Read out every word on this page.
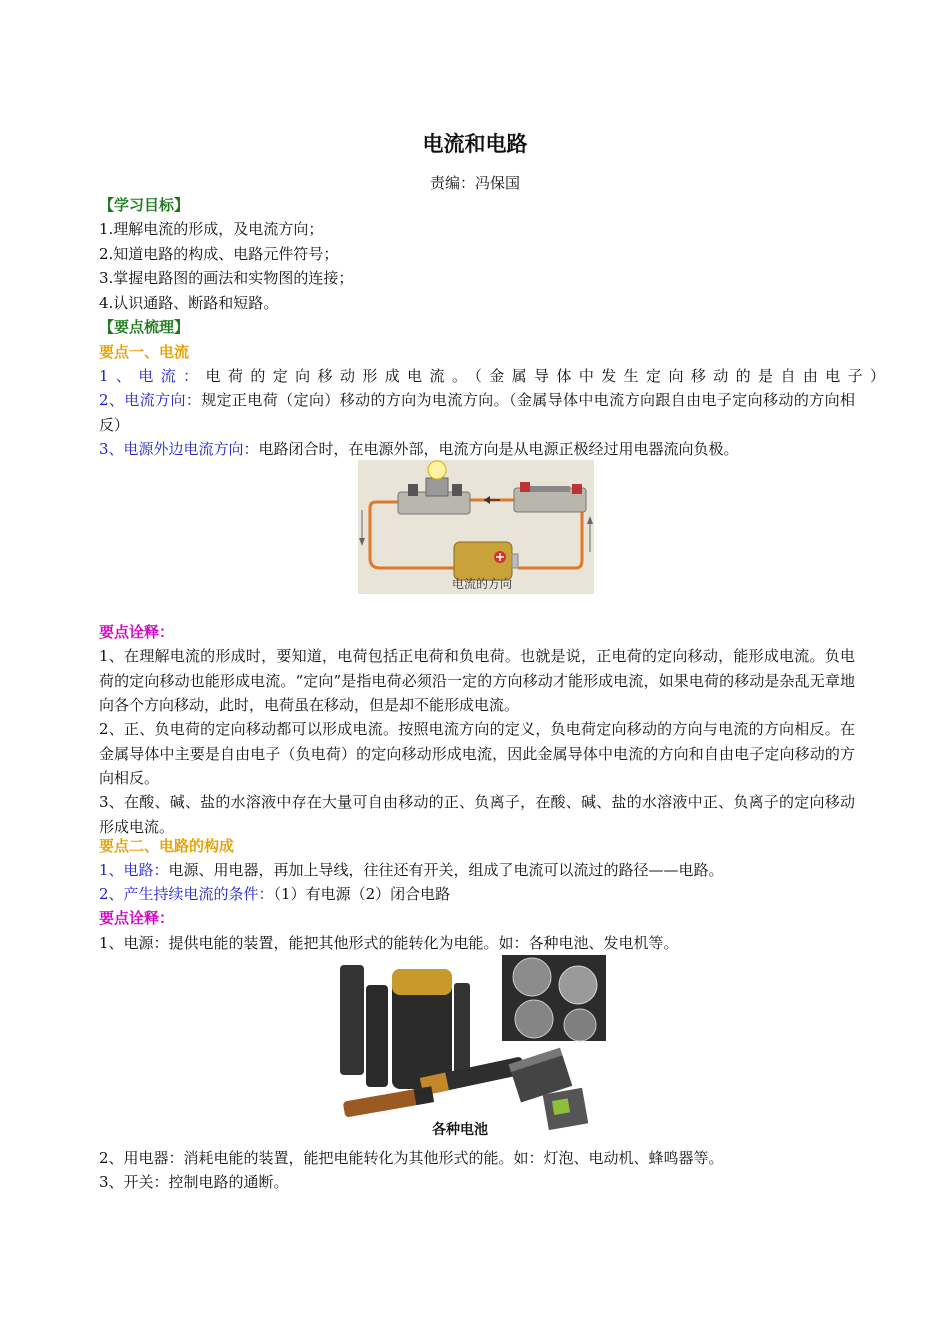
电流和电路
责编：冯保国
【学习目标】
1.理解电流的形成，及电流方向；
2.知道电路的构成、电路元件符号；
3.掌握电路图的画法和实物图的连接；
4.认识通路、断路和短路。
【要点梳理】
要点一、电流
1、电流：电荷的定向移动形成电流。（金属导体中发生定向移动的是自由电子）
2、电流方向：规定正电荷（定向）移动的方向为电流方向。（金属导体中电流方向跟自由电子定向移动的方向相反）
3、电源外边电流方向：电路闭合时，在电源外部，电流方向是从电源正极经过用电器流向负极。
电流的方向
要点诠释：
1、在理解电流的形成时，要知道，电荷包括正电荷和负电荷。也就是说，正电荷的定向移动，能形成电流。负电荷的定向移动也能形成电流。“定向”是指电荷必须沿一定的方向移动才能形成电流，如果电荷的移动是杂乱无章地向各个方向移动，此时，电荷虽在移动，但是却不能形成电流。
2、正、负电荷的定向移动都可以形成电流。按照电流方向的定义，负电荷定向移动的方向与电流的方向相反。在金属导体中主要是自由电子（负电荷）的定向移动形成电流，因此金属导体中电流的方向和自由电子定向移动的方向相反。
3、在酸、碱、盐的水溶液中存在大量可自由移动的正、负离子，在酸、碱、盐的水溶液中正、负离子的定向移动形成电流。
要点二、电路的构成
1、电路：电源、用电器，再加上导线，往往还有开关，组成了电流可以流过的路径——电路。
2、产生持续电流的条件：（1）有电源（2）闭合电路
要点诠释：
1、电源：提供电能的装置，能把其他形式的能转化为电能。如：各种电池、发电机等。
各种电池
2、用电器：消耗电能的装置，能把电能转化为其他形式的能。如：灯泡、电动机、蜂鸣器等。
3、开关：控制电路的通断。
